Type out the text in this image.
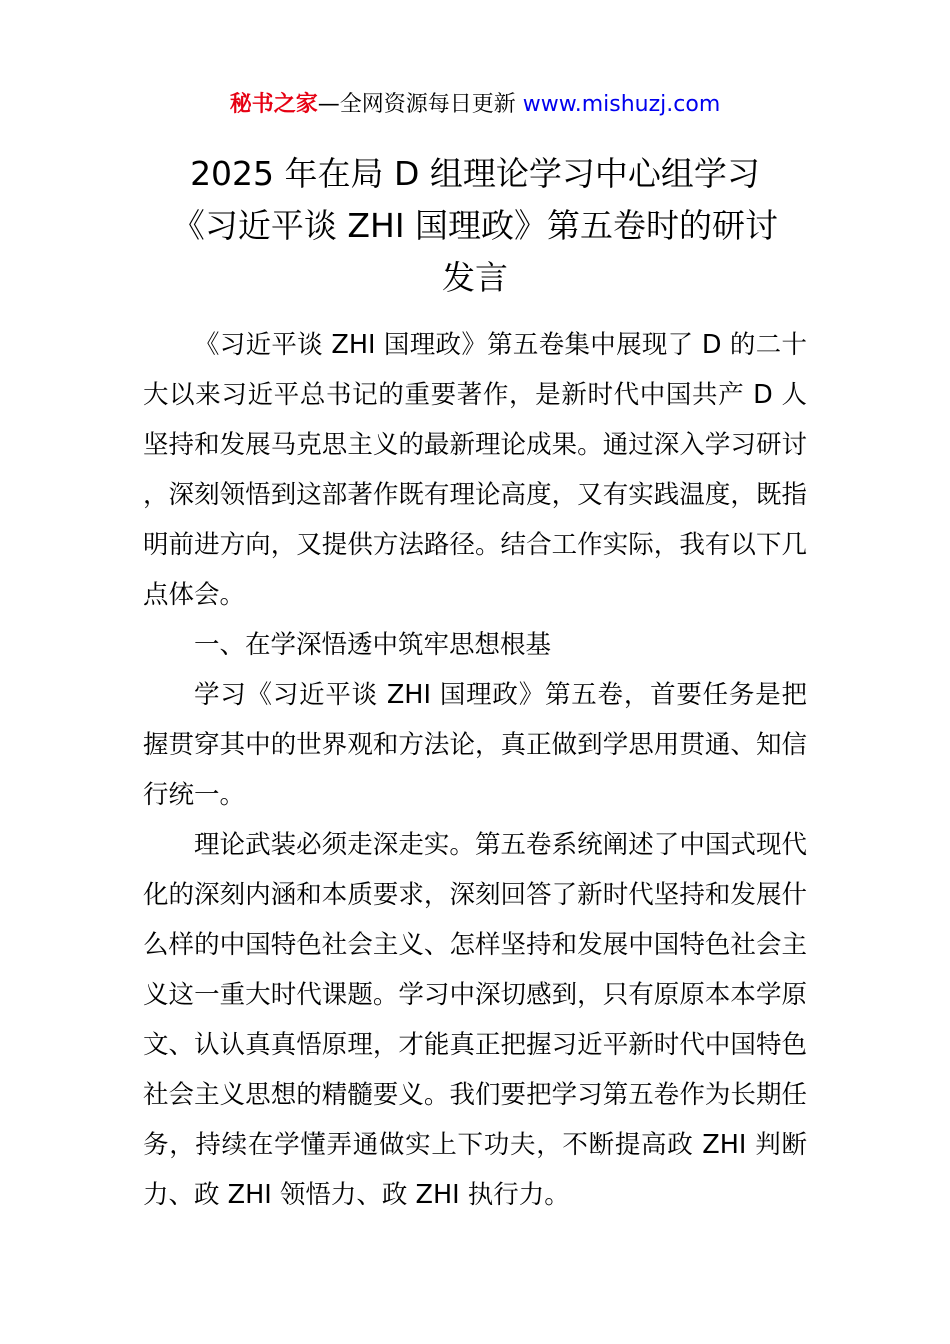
秘书之家—全网资源每日更新 www.mishuzj.com
2025 年在局 D 组理论学习中心组学习
《习近平谈 ZHI 国理政》第五卷时的研讨
发言

《习近平谈 ZHI 国理政》第五卷集中展现了 D 的二十大以来习近平总书记的重要著作，是新时代中国共产 D 人坚持和发展马克思主义的最新理论成果。通过深入学习研讨，深刻领悟到这部著作既有理论高度，又有实践温度，既指明前进方向，又提供方法路径。结合工作实际，我有以下几点体会。

一、在学深悟透中筑牢思想根基

学习《习近平谈 ZHI 国理政》第五卷，首要任务是把握贯穿其中的世界观和方法论，真正做到学思用贯通、知信行统一。

理论武装必须走深走实。第五卷系统阐述了中国式现代化的深刻内涵和本质要求，深刻回答了新时代坚持和发展什么样的中国特色社会主义、怎样坚持和发展中国特色社会主义这一重大时代课题。学习中深切感到，只有原原本本学原文、认认真真悟原理，才能真正把握习近平新时代中国特色社会主义思想的精髓要义。我们要把学习第五卷作为长期任务，持续在学懂弄通做实上下功夫，不断提高政 ZHI 判断力、政 ZHI 领悟力、政 ZHI 执行力。
